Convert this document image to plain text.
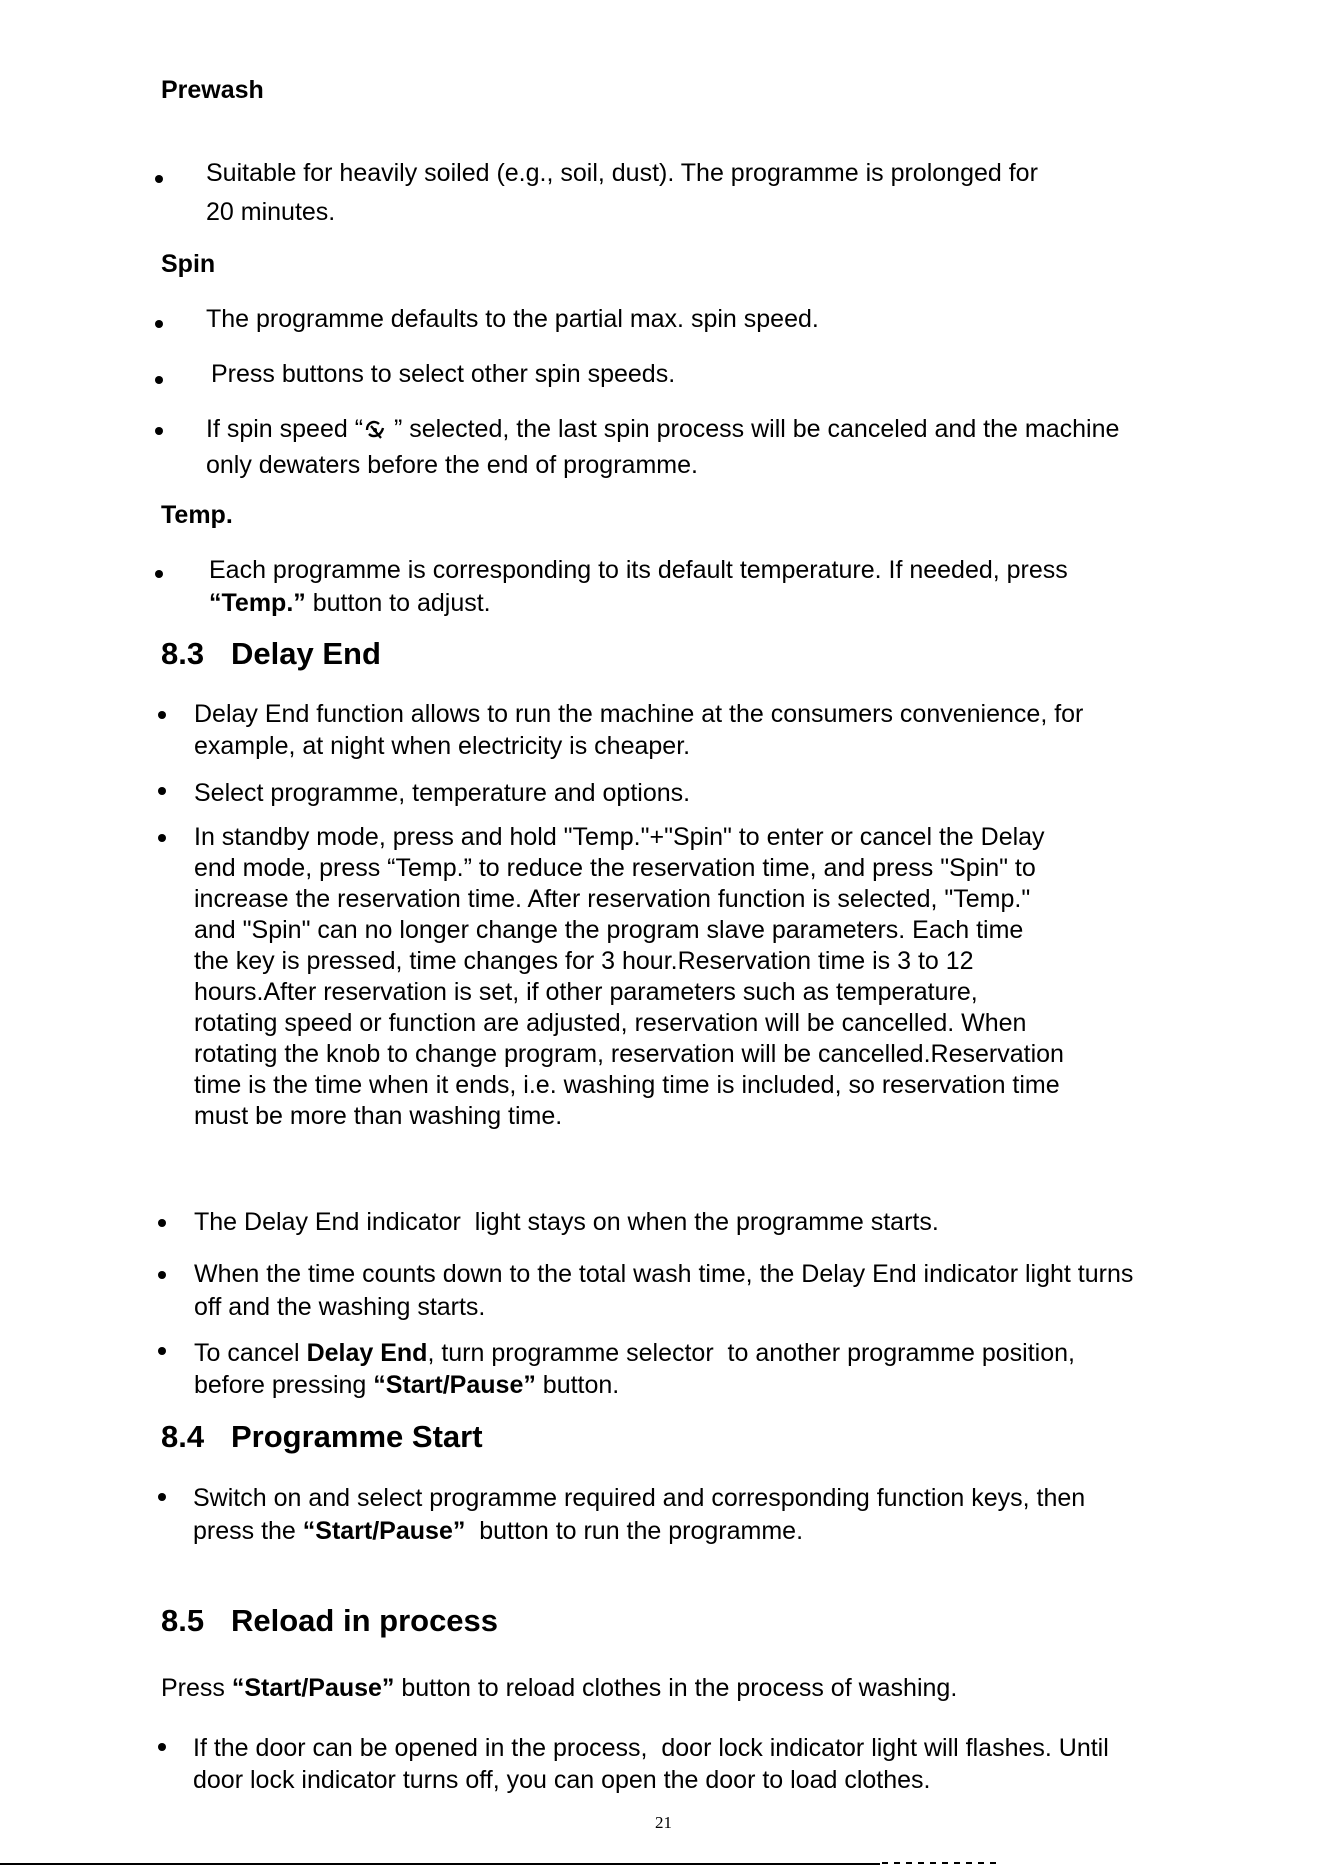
Prewash
Suitable for heavily soiled (e.g., soil, dust). The programme is prolonged for
20 minutes.
Spin
The programme defaults to the partial max. spin speed.
Press buttons to select other spin speeds.
If spin speed “ ” selected, the last spin process will be canceled and the machine
only dewaters before the end of programme.
Temp.
Each programme is corresponding to its default temperature. If needed, press
“Temp.” button to adjust.
8.3 Delay End
Delay End function allows to run the machine at the consumers convenience, for
example, at night when electricity is cheaper.
Select programme, temperature and options.
In standby mode, press and hold "Temp."+"Spin" to enter or cancel the Delay
end mode, press “Temp.” to reduce the reservation time, and press "Spin" to
increase the reservation time. After reservation function is selected, "Temp."
and "Spin" can no longer change the program slave parameters. Each time
the key is pressed, time changes for 3 hour.Reservation time is 3 to 12
hours.After reservation is set, if other parameters such as temperature,
rotating speed or function are adjusted, reservation will be cancelled. When
rotating the knob to change program, reservation will be cancelled.Reservation
time is the time when it ends, i.e. washing time is included, so reservation time
must be more than washing time.
The Delay End indicator  light stays on when the programme starts.
When the time counts down to the total wash time, the Delay End indicator light turns
off and the washing starts.
To cancel Delay End, turn programme selector  to another programme position,
before pressing “Start/Pause” button.
8.4 Programme Start
Switch on and select programme required and corresponding function keys, then
press the “Start/Pause”  button to run the programme.
8.5 Reload in process
Press “Start/Pause” button to reload clothes in the process of washing.
If the door can be opened in the process,  door lock indicator light will flashes. Until
door lock indicator turns off, you can open the door to load clothes.
21
